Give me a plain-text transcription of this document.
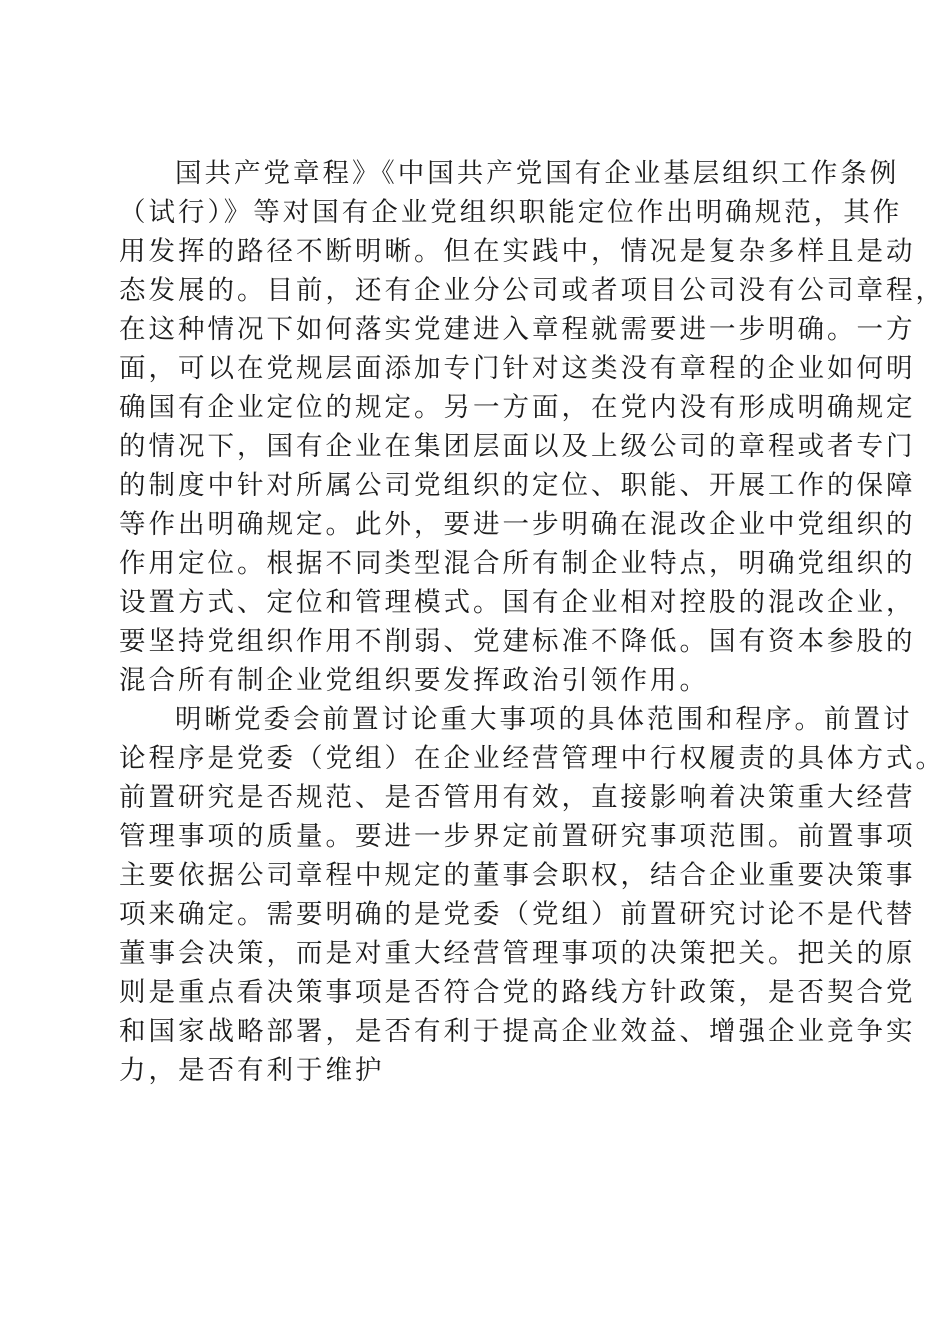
国共产党章程》《中国共产党国有企业基层组织工作条例
（试行）》等对国有企业党组织职能定位作出明确规范，其作
用发挥的路径不断明晰。但在实践中，情况是复杂多样且是动
态发展的。目前，还有企业分公司或者项目公司没有公司章程，
在这种情况下如何落实党建进入章程就需要进一步明确。一方
面，可以在党规层面添加专门针对这类没有章程的企业如何明
确国有企业定位的规定。另一方面，在党内没有形成明确规定
的情况下，国有企业在集团层面以及上级公司的章程或者专门
的制度中针对所属公司党组织的定位、职能、开展工作的保障
等作出明确规定。此外，要进一步明确在混改企业中党组织的
作用定位。根据不同类型混合所有制企业特点，明确党组织的
设置方式、定位和管理模式。国有企业相对控股的混改企业，
要坚持党组织作用不削弱、党建标准不降低。国有资本参股的
混合所有制企业党组织要发挥政治引领作用。
明晰党委会前置讨论重大事项的具体范围和程序。前置讨
论程序是党委（党组）在企业经营管理中行权履责的具体方式。
前置研究是否规范、是否管用有效，直接影响着决策重大经营
管理事项的质量。要进一步界定前置研究事项范围。前置事项
主要依据公司章程中规定的董事会职权，结合企业重要决策事
项来确定。需要明确的是党委（党组）前置研究讨论不是代替
董事会决策，而是对重大经营管理事项的决策把关。把关的原
则是重点看决策事项是否符合党的路线方针政策，是否契合党
和国家战略部署，是否有利于提高企业效益、增强企业竞争实
力，是否有利于维护
